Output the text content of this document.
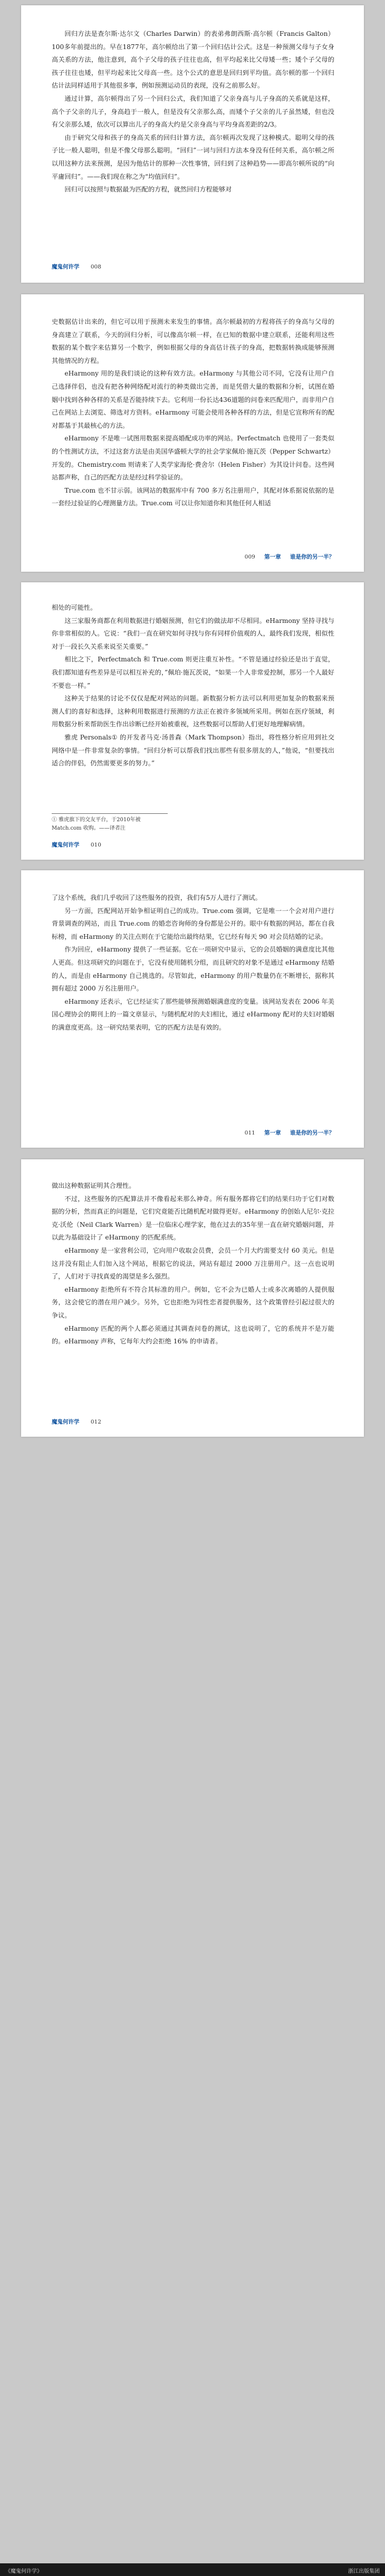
回归方法是查尔斯·达尔文（Charles Darwin）的表弟弗朗西斯·高尔顿（Francis Galton）100多年前提出的。早在1877年，高尔顿给出了第一个回归估计公式。这是一种预测父母与子女身高关系的方法，他注意到，高个子父母的孩子往往也高，但平均起来比父母矮一些；矮个子父母的孩子往往也矮，但平均起来比父母高一些。这个公式的意思是回归到平均值。高尔顿的那一个回归估计法同样适用于其他很多事，例如预测运动员的表现，没有之前那么好。

通过计算，高尔顿得出了另一个回归公式，我们知道了父亲身高与儿子身高的关系就是这样，高个子父亲的儿子，身高趋于一般人，但是没有父亲那么高，而矮个子父亲的儿子虽然矮，但也没有父亲那么矮，依次可以算出儿子的身高大约是父亲身高与平均身高差距的2/3。

由于研究父母和孩子的身高关系的回归计算方法，高尔顿再次发现了这种模式。聪明父母的孩子比一般人聪明，但是不像父母那么聪明。“回归”一词与回归方法本身没有任何关系，高尔顿之所以用这种方法来预测，是因为他估计的那种一次性事情，回归到了这种趋势——即高尔顿所说的“向平庸回归”。——我们现在称之为“均值回归”。

回归可以按照与数据最为匹配的方程，就然回归方程能够对

魔鬼何许学 008

史数据估计出来的，但它可以用于预测未来发生的事情。高尔顿最初的方程将孩子的身高与父母的身高建立了联系，今天的回归分析，可以像高尔顿一样，在已知的数据中建立联系，还能利用这些数据的某个数字来估算另一个数字，例如根据父母的身高估计孩子的身高，把数据转换成能够预测其他情况的方程。

eHarmony 用的是我们谈论的这种有效方法。eHarmony 与其他公司不同，它没有让用户自己选择伴侣，也没有把各种网络配对流行的种类做出完善，而是凭借大量的数据和分析，试图在婚姻中找到各种各样的关系是否能持续下去。它利用一份长达436道题的问卷来匹配用户，而非用户自己在网站上去浏览、筛选对方资料。eHarmony 可能会使用各种各样的方法，但是它宣称所有的配对都基于其最核心的方法。

eHarmony 不是唯一试图用数据来提高婚配成功率的网站。Perfectmatch 也使用了一套类似的个性测试方法，不过这套方法是由美国华盛顿大学的社会学家佩珀·施瓦茨（Pepper Schwartz）开发的。Chemistry.com 则请来了人类学家海伦·费舍尔（Helen Fisher）为其设计问卷。这些网站都声称，自己的匹配方法是经过科学验证的。

True.com 也不甘示弱。该网站的数据库中有 700 多万名注册用户，其配对体系据说依据的是一套经过验证的心理测量方法。True.com 可以让你知道你和其他任何人相适

009 第一章 谁是你的另一半？

相处的可能性。

这三家服务商都在利用数据进行婚姻预测，但它们的做法却不尽相同。eHarmony 坚持寻找与你非常相似的人。它说：“我们一直在研究如何寻找与你有同样价值观的人，最终我们发现，相似性对于一段长久关系来说至关重要。”

相比之下，Perfectmatch 和 True.com 则更注重互补性。“不管是通过经验还是出于直觉，我们都知道有些差异是可以相互补充的，”佩珀·施瓦茨说，“如果一个人非常爱控制，那另一个人最好不要也一样。”

这种关于结果的讨论不仅仅是配对网站的问题。新数据分析方法可以利用更加复杂的数据来预测人们的喜好和选择，这种利用数据进行预测的方法正在被许多领域所采用。例如在医疗领域，利用数据分析来帮助医生作出诊断已经开始被重视，这些数据可以帮助人们更好地理解病情。

雅虎 Personals① 的开发者马克·汤普森（Mark Thompson）指出，将性格分析应用到社交网络中是一件非常复杂的事情。“回归分析可以帮我们找出那些有很多朋友的人，”他说，“但要找出适合的伴侣，仍然需要更多的努力。”

① 雅虎旗下的交友平台，于2010年被Match.com 收购。——译者注
魔鬼何许学 010

了这个系统，我们几乎收回了这些服务的投资，我们有5万人进行了测试。

另一方面，匹配网站开始争相证明自己的成功。True.com 强调，它是唯一一个会对用户进行背景调查的网站，而且 True.com 的婚恋咨询师的身份都是公开的。眼中有数据的网站，都在自我标榜，而 eHarmony 的关注点则在于它能给出最终结果，它已经有每天 90 对会员结婚的记录。

作为回应，eHarmony 提供了一些证据。它在一项研究中显示，它的会员婚姻的满意度比其他人更高。但这项研究的问题在于，它没有使用随机分组，而且研究的对象不是通过 eHarmony 结婚的人，而是由 eHarmony 自己挑选的。尽管如此，eHarmony 的用户数量仍在不断增长，据称其拥有超过 2000 万名注册用户。

eHarmony 还表示，它已经证实了那些能够预测婚姻满意度的变量。该网站发表在 2006 年美国心理协会的期刊上的一篇文章显示，与随机配对的夫妇相比，通过 eHarmony 配对的夫妇对婚姻的满意度更高。这一研究结果表明，它的匹配方法是有效的。

011 第一章 谁是你的另一半？

做出这种数据证明其合理性。

不过，这些服务的匹配算法并不像看起来那么神奇。所有服务都将它们的结果归功于它们对数据的分析，然而真正的问题是，它们究竟能否比随机配对做得更好。eHarmony 的创始人尼尔·克拉克·沃伦（Neil Clark Warren）是一位临床心理学家，他在过去的35年里一直在研究婚姻问题，并以此为基础设计了 eHarmony 的匹配系统。

eHarmony 是一家营利公司，它向用户收取会员费，会员一个月大约需要支付 60 美元。但是这并没有阻止人们加入这个网站，根据它的说法，网站有超过 2000 万注册用户。这一点也说明了，人们对于寻找真爱的渴望是多么强烈。

eHarmony 拒绝所有不符合其标准的用户。例如，它不会为已婚人士或多次离婚的人提供服务，这会使它的潜在用户减少。另外，它也拒绝为同性恋者提供服务，这个政策曾经引起过很大的争议。

eHarmony 匹配的两个人都必须通过其调查问卷的测试，这也说明了，它的系统并不是万能的。eHarmony 声称，它每年大约会拒绝 16% 的申请者。

魔鬼何许学 012
《魔鬼何许学》	浙江出版集团
